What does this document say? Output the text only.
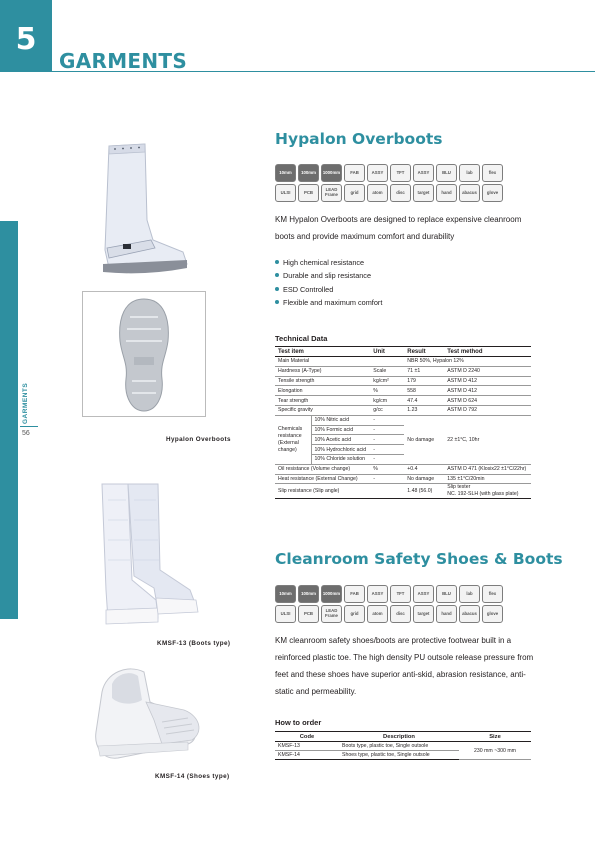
5
GARMENTS
GARMENTS
56
Hypalon Overboots
Hypalon Overboots
10mm	100mm	1000mm	FAB	ASSY	TFT	ASSY	BLU	lab	flex
ULSI	PCB	LEAD Frame	grid	atom	disc	target	hand	abacus	glove
KM Hypalon Overboots are designed to replace expensive cleanroom boots and provide maximum comfort and durability
High chemical resistance
Durable and slip resistance
ESD Controlled
Flexible and maximum comfort
Technical Data
Test item		Unit	Result	Test method
Main Material			NBR 50%, Hypalon 12%	
Hardness (A-Type)		Scale	71 ±1	ASTM D 2240
Tensile strength		kg/cm²	179	ASTM D 412
Elongation		%	558	ASTM D 412
Tear strength		kg/cm	47.4	ASTM D 624
Specific gravity		g/cc	1.23	ASTM D 792
Chemicals resistance (External change)	10% Nitric acid	-	No damage	22 ±1°C, 10hr
	10% Formic acid	-		
	10% Acetic acid	-		
	10% Hydrochloric acid	-		
	10% Chloride solution	-		
Oil resistance (Volume change)		%	+0.4	ASTM D 471 (Klosix22 ±1°C/22hr)

Heat resistance (External Change)		-	No damage	135 ±1°C/20min

Slip resistance (Slip angle)			1.48 (56.0)	Slip tester
NC. 192-SLH (with glass plate)
KMSF-13 (Boots type)
KMSF-14 (Shoes type)
Cleanroom Safety Shoes & Boots
10mm	100mm	1000mm	FAB	ASSY	TFT	ASSY	BLU	lab	flex
ULSI	PCB	LEAD Frame	grid	atom	disc	target	hand	abacus	glove
KM cleanroom safety shoes/boots are protective footwear built in a reinforced plastic toe. The high density PU outsole release pressure from feet and these shoes have superior anti-skid, abrasion resistance, anti-static and permeability.
How to order
Code	Description	Size
KMSF-13	Boots type, plastic toe, Single outsole	230 mm ~300 mm
KMSF-14	Shoes type, plastic toe, Single outsole	
